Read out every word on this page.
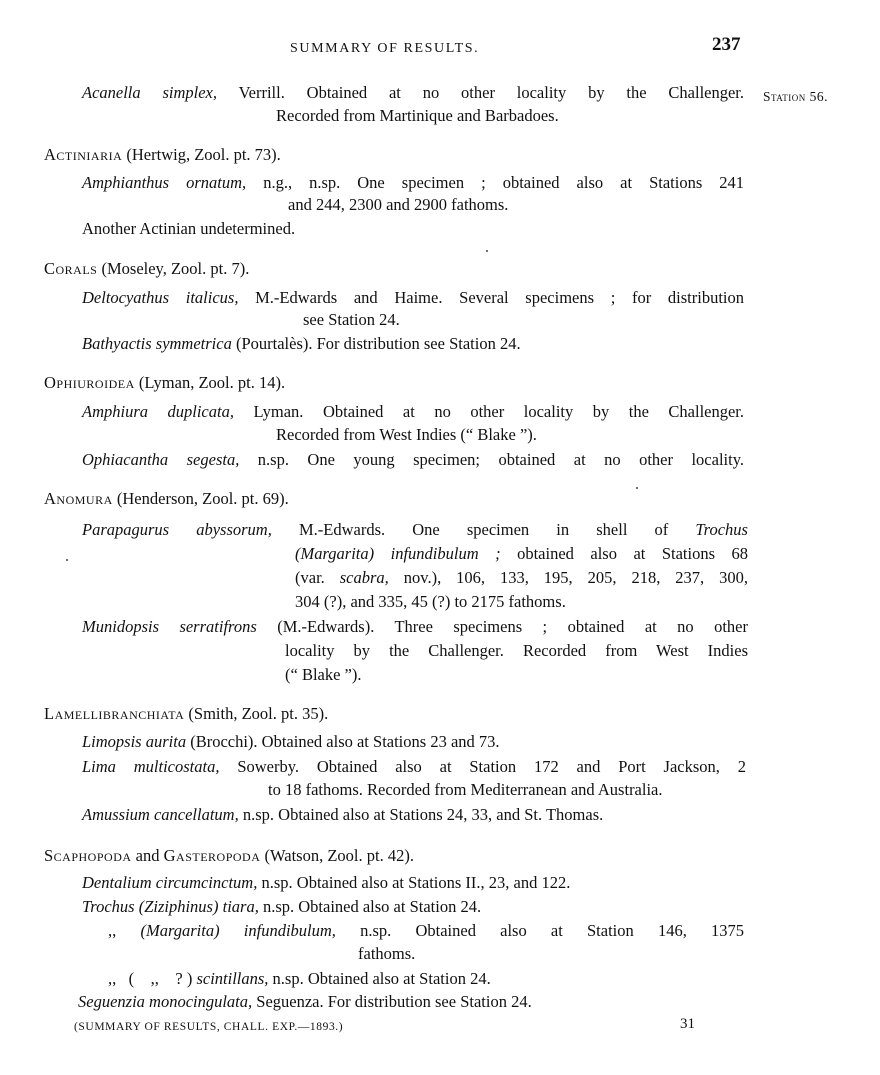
SUMMARY OF RESULTS.	237
Station 56.
Acanella simplex, Verrill. Obtained at no other locality by the Challenger.
Recorded from Martinique and Barbadoes.
Actiniaria (Hertwig, Zool. pt. 73).
Amphianthus ornatum, n.g., n.sp. One specimen ; obtained also at Stations 241
and 244, 2300 and 2900 fathoms.
Another Actinian undetermined.
Corals (Moseley, Zool. pt. 7).
Deltocyathus italicus, M.-Edwards and Haime. Several specimens ; for distribution
see Station 24.
Bathyactis symmetrica (Pourtalès). For distribution see Station 24.
Ophiuroidea (Lyman, Zool. pt. 14).
Amphiura duplicata, Lyman. Obtained at no other locality by the Challenger.
Recorded from West Indies (“ Blake ”).
Ophiacantha segesta, n.sp. One young specimen; obtained at no other locality.
Anomura (Henderson, Zool. pt. 69).
Parapagurus abyssorum, M.-Edwards. One specimen in shell of Trochus
(Margarita) infundibulum ; obtained also at Stations 68
(var. scabra, nov.), 106, 133, 195, 205, 218, 237, 300,
304 (?), and 335, 45 (?) to 2175 fathoms.
Munidopsis serratifrons (M.-Edwards). Three specimens ; obtained at no other
locality by the Challenger. Recorded from West Indies
(“ Blake ”).
Lamellibranchiata (Smith, Zool. pt. 35).
Limopsis aurita (Brocchi). Obtained also at Stations 23 and 73.
Lima multicostata, Sowerby. Obtained also at Station 172 and Port Jackson, 2
to 18 fathoms. Recorded from Mediterranean and Australia.
Amussium cancellatum, n.sp. Obtained also at Stations 24, 33, and St. Thomas.
Scaphopoda and Gasteropoda (Watson, Zool. pt. 42).
Dentalium circumcinctum, n.sp. Obtained also at Stations II., 23, and 122.
Trochus (Ziziphinus) tiara, n.sp. Obtained also at Station 24.
,, (Margarita) infundibulum, n.sp. Obtained also at Station 146, 1375
fathoms.
,,   (    ,,    ? ) scintillans, n.sp. Obtained also at Station 24.
Seguenzia monocingulata, Seguenza. For distribution see Station 24.
(SUMMARY OF RESULTS, CHALL. EXP.—1893.)	31
